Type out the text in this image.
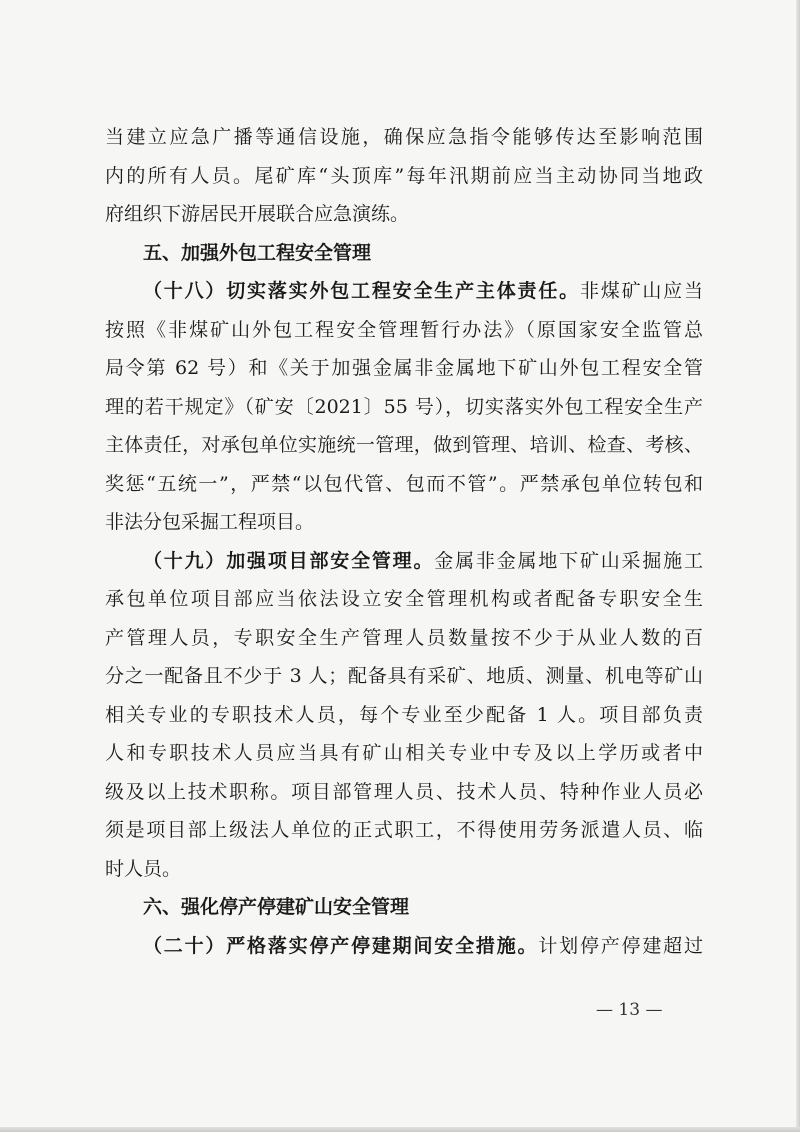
当建立应急广播等通信设施，确保应急指令能够传达至影响范围
内的所有人员。尾矿库“头顶库”每年汛期前应当主动协同当地政
府组织下游居民开展联合应急演练。
五、加强外包工程安全管理
（十八）切实落实外包工程安全生产主体责任。非煤矿山应当
按照《非煤矿山外包工程安全管理暂行办法》（原国家安全监管总
局令第 62 号）和《关于加强金属非金属地下矿山外包工程安全管
理的若干规定》（矿安〔2021〕55 号），切实落实外包工程安全生产
主体责任，对承包单位实施统一管理，做到管理、培训、检查、考核、
奖惩“五统一”，严禁“以包代管、包而不管”。严禁承包单位转包和
非法分包采掘工程项目。
（十九）加强项目部安全管理。金属非金属地下矿山采掘施工
承包单位项目部应当依法设立安全管理机构或者配备专职安全生
产管理人员，专职安全生产管理人员数量按不少于从业人数的百
分之一配备且不少于 3 人；配备具有采矿、地质、测量、机电等矿山
相关专业的专职技术人员，每个专业至少配备 1 人。项目部负责
人和专职技术人员应当具有矿山相关专业中专及以上学历或者中
级及以上技术职称。项目部管理人员、技术人员、特种作业人员必
须是项目部上级法人单位的正式职工，不得使用劳务派遣人员、临
时人员。
六、强化停产停建矿山安全管理
（二十）严格落实停产停建期间安全措施。计划停产停建超过
— 13 —
